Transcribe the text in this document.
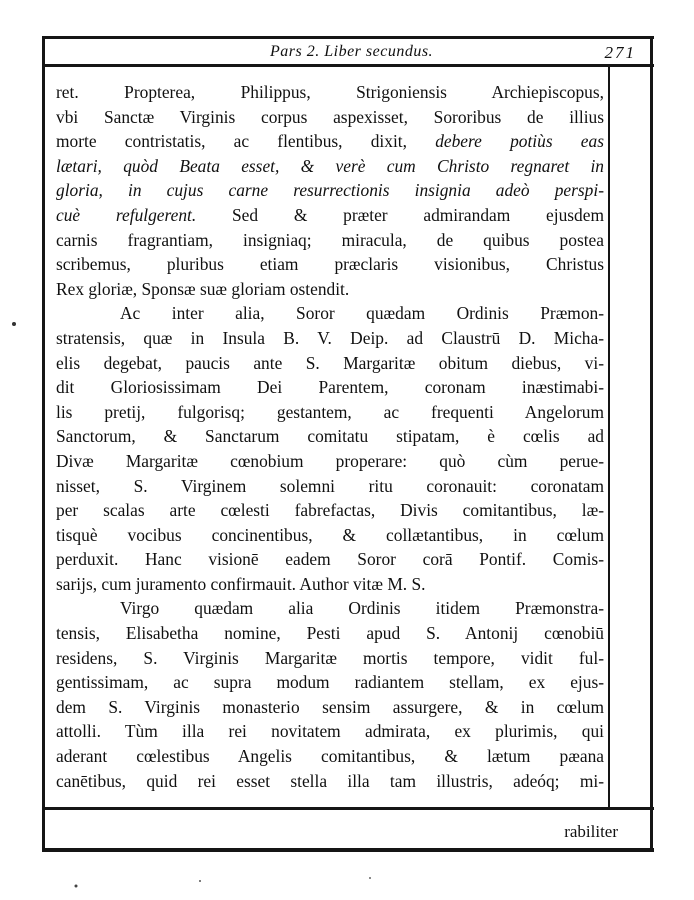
Pars 2. Liber secundus.	271
ret. Propterea, Philippus, Strigoniensis Archiepiscopus,
vbi Sanctæ Virginis corpus aspexisset, Sororibus de illius
morte contristatis, ac flentibus, dixit, debere potiùs eas
lætari, quòd Beata esset, & verè cum Christo regnaret in
gloria, in cujus carne resurrectionis insignia adeò perspi-
cuè refulgerent. Sed & præter admirandam ejusdem
carnis fragrantiam, insigniaq; miracula, de quibus postea
scribemus, pluribus etiam præclaris visionibus, Christus
Rex gloriæ, Sponsæ suæ gloriam ostendit.
Ac inter alia, Soror quædam Ordinis Præmon-
stratensis, quæ in Insula B. V. Deip. ad Claustrū D. Micha-
elis degebat, paucis ante S. Margaritæ obitum diebus, vi-
dit Gloriosissimam Dei Parentem, coronam inæstimabi-
lis pretij, fulgorisq; gestantem, ac frequenti Angelorum
Sanctorum, & Sanctarum comitatu stipatam, è cœlis ad
Divæ Margaritæ cœnobium properare: quò cùm perue-
nisset, S. Virginem solemni ritu coronauit: coronatam
per scalas arte cœlesti fabrefactas, Divis comitantibus, læ-
tisquè vocibus concinentibus, & collætantibus, in cœlum
perduxit. Hanc visionē eadem Soror corā Pontif. Comis-
sarijs, cum juramento confirmauit. Author vitæ M. S.
Virgo quædam alia Ordinis itidem Præmonstra-
tensis, Elisabetha nomine, Pesti apud S. Antonij cœnobiū
residens, S. Virginis Margaritæ mortis tempore, vidit ful-
gentissimam, ac supra modum radiantem stellam, ex ejus-
dem S. Virginis monasterio sensim assurgere, & in cœlum
attolli. Tùm illa rei novitatem admirata, ex plurimis, qui
aderant cœlestibus Angelis comitantibus, & lætum pæana
canētibus, quid rei esset stella illa tam illustris, adeóq; mi-
rabiliter
